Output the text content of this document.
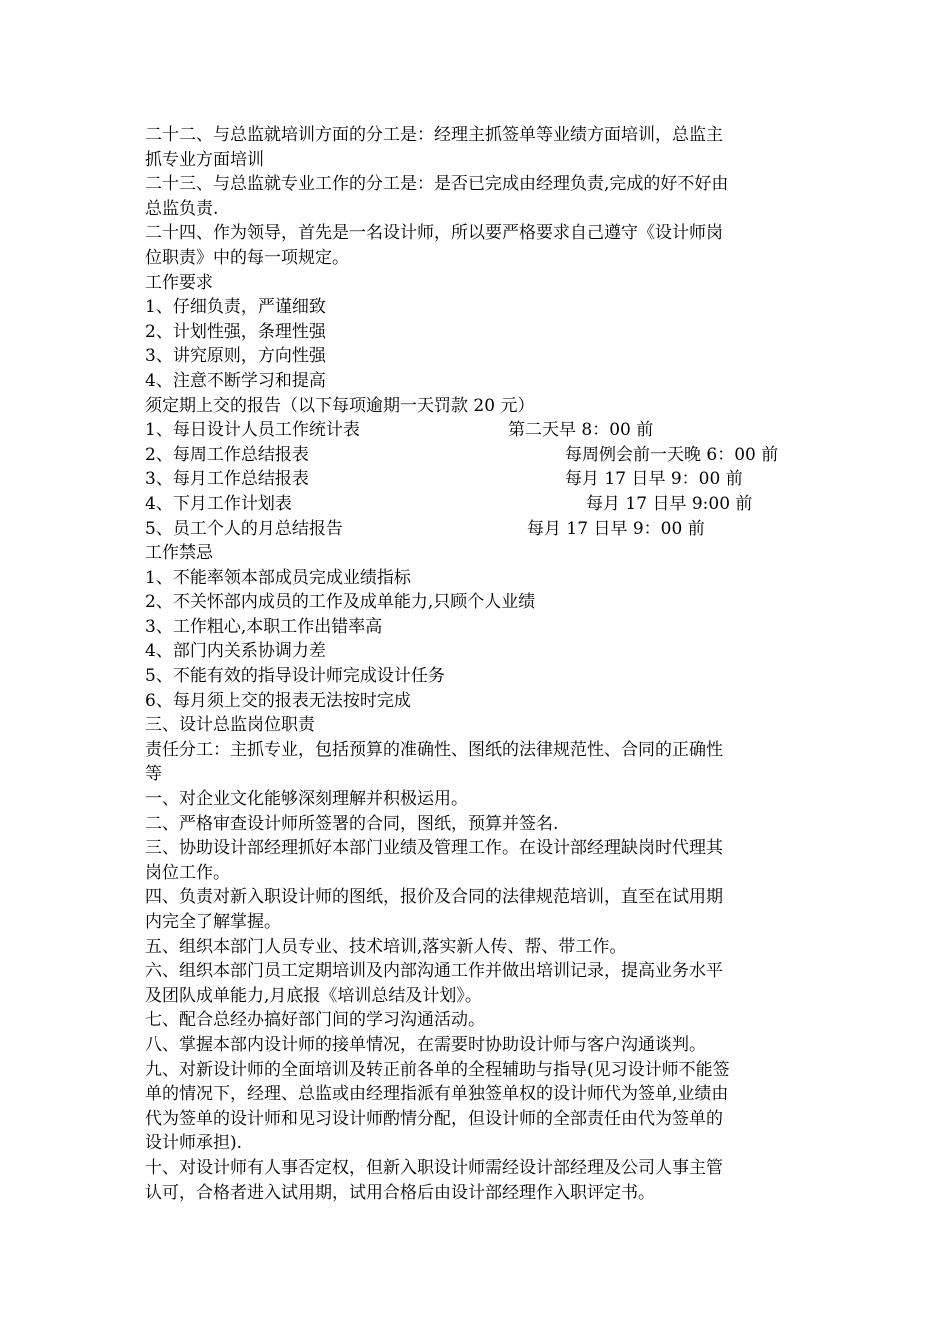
二十二、与总监就培训方面的分工是：经理主抓签单等业绩方面培训，总监主
抓专业方面培训
二十三、与总监就专业工作的分工是：是否已完成由经理负责,完成的好不好由
总监负责.
二十四、作为领导，首先是一名设计师，所以要严格要求自己遵守《设计师岗
位职责》中的每一项规定。
工作要求
1、仔细负责，严谨细致
2、计划性强，条理性强
3、讲究原则，方向性强
4、注意不断学习和提高
须定期上交的报告（以下每项逾期一天罚款 20 元）
1、每日设计人员工作统计表	第二天早 8：00 前
2、每周工作总结报表	每周例会前一天晚 6：00 前
3、每月工作总结报表	每月 17 日早 9：00 前
4、下月工作计划表	每月 17 日早 9:00 前
5、员工个人的月总结报告	每月 17 日早 9：00 前
工作禁忌
1、不能率领本部成员完成业绩指标
2、不关怀部内成员的工作及成单能力,只顾个人业绩
3、工作粗心,本职工作出错率高
4、部门内关系协调力差
5、不能有效的指导设计师完成设计任务
6、每月须上交的报表无法按时完成
三、设计总监岗位职责
责任分工：主抓专业，包括预算的准确性、图纸的法律规范性、合同的正确性
等
一、对企业文化能够深刻理解并积极运用。
二、严格审查设计师所签署的合同，图纸，预算并签名.
三、协助设计部经理抓好本部门业绩及管理工作。在设计部经理缺岗时代理其
岗位工作。
四、负责对新入职设计师的图纸，报价及合同的法律规范培训，直至在试用期
内完全了解掌握。
五、组织本部门人员专业、技术培训,落实新人传、帮、带工作。
六、组织本部门员工定期培训及内部沟通工作并做出培训记录，提高业务水平
及团队成单能力,月底报《培训总结及计划》。
七、配合总经办搞好部门间的学习沟通活动。
八、掌握本部内设计师的接单情况，在需要时协助设计师与客户沟通谈判。
九、对新设计师的全面培训及转正前各单的全程辅助与指导(见习设计师不能签
单的情况下，经理、总监或由经理指派有单独签单权的设计师代为签单,业绩由
代为签单的设计师和见习设计师酌情分配，但设计师的全部责任由代为签单的
设计师承担).
十、对设计师有人事否定权，但新入职设计师需经设计部经理及公司人事主管
认可，合格者进入试用期，试用合格后由设计部经理作入职评定书。
